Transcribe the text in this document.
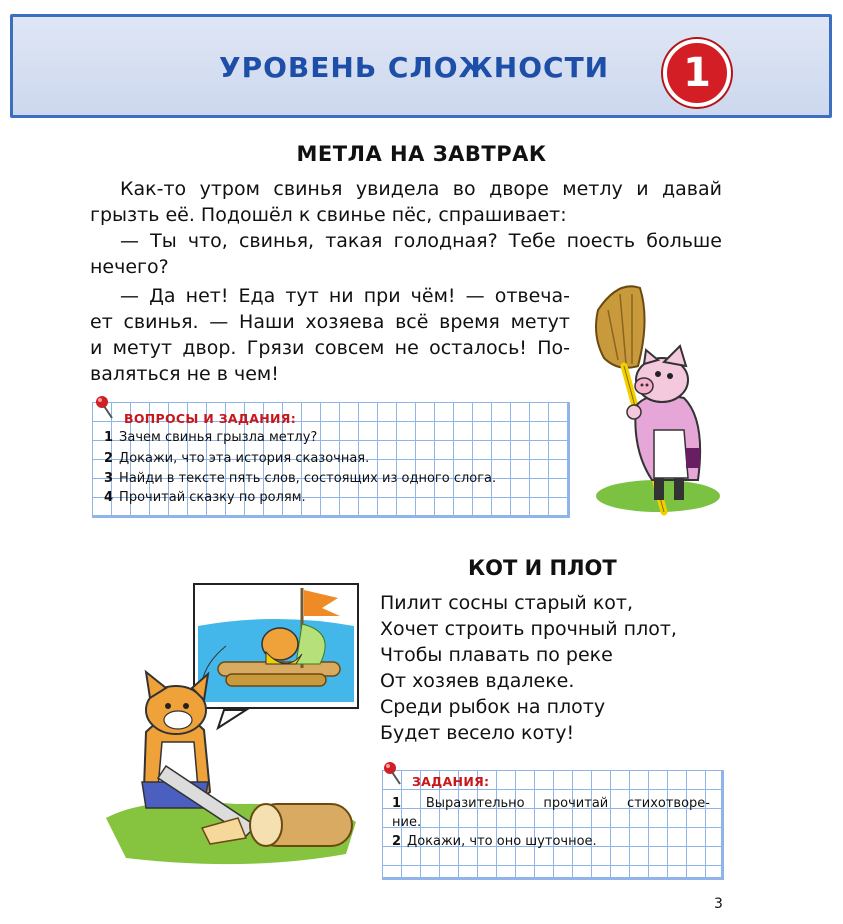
УРОВЕНЬ СЛОЖНОСТИ	1
МЕТЛА НА ЗАВТРАК

Как-то утром свинья увидела во дворе метлу и давай

грызть её. Подошёл к свинье пёс, спрашивает:

— Ты что, свинья, такая голодная? Тебе поесть больше

нечего?

— Да нет! Еда тут ни при чём! — отвеча-

ет свинья. — Наши хозяева всё время метут

и метут двор. Грязи совсем не осталось! По-

валяться не в чем!

ВОПРОСЫ И ЗАДАНИЯ:
1 Зачем свинья грызла метлу?
2 Докажи, что эта история сказочная.
3 Найди в тексте пять слов, состоящих из одного слога.
4 Прочитай сказку по ролям.
КОТ И ПЛОТ
Пилит сосны старый кот,
Хочет строить прочный плот,
Чтобы плавать по реке
От хозяев вдалеке.
Среди рыбок на плоту
Будет весело коту!
ЗАДАНИЯ:
1 Выразительно прочитай стихотворе-
ние.
2 Докажи, что оно шуточное.
3
